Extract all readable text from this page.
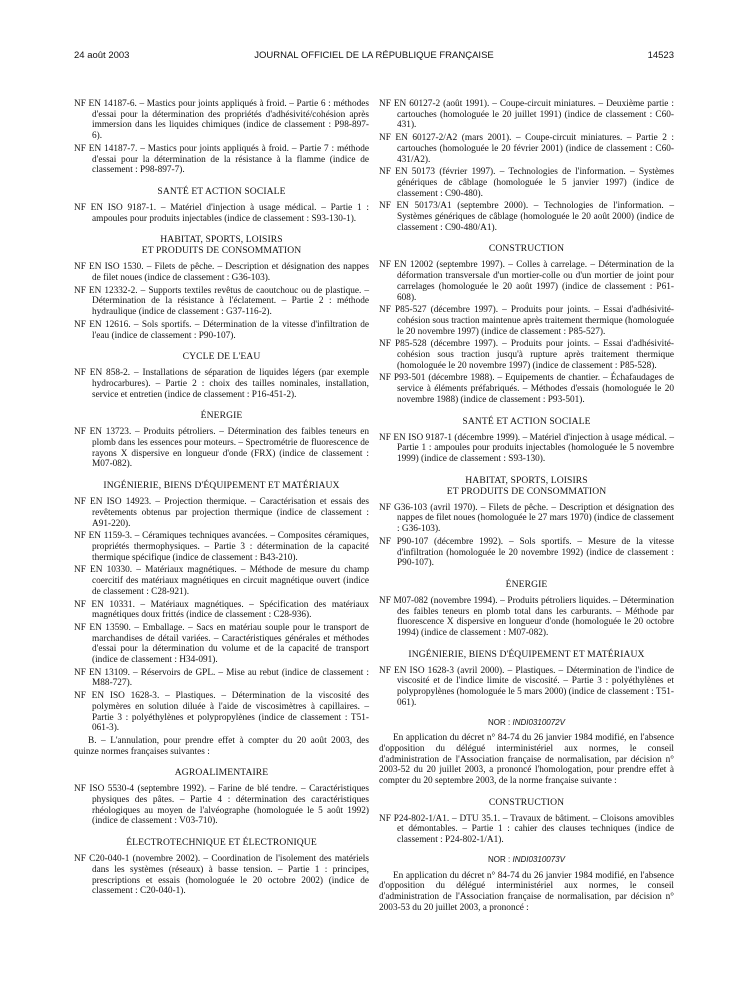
24 août 2003	JOURNAL OFFICIEL DE LA RÉPUBLIQUE FRANÇAISE	14523
NF EN 14187-6. – Mastics pour joints appliqués à froid. – Partie 6 : méthodes d'essai pour la détermination des propriétés d'adhésivité/cohésion après immersion dans les liquides chimiques (indice de classement : P98-897-6).
NF EN 14187-7. – Mastics pour joints appliqués à froid. – Partie 7 : méthode d'essai pour la détermination de la résistance à la flamme (indice de classement : P98-897-7).
SANTÉ ET ACTION SOCIALE
NF EN ISO 9187-1. – Matériel d'injection à usage médical. – Partie 1 : ampoules pour produits injectables (indice de classement : S93-130-1).
HABITAT, SPORTS, LOISIRS
ET PRODUITS DE CONSOMMATION
NF EN ISO 1530. – Filets de pêche. – Description et désignation des nappes de filet noues (indice de classement : G36-103).
NF EN 12332-2. – Supports textiles revêtus de caoutchouc ou de plastique. – Détermination de la résistance à l'éclatement. – Partie 2 : méthode hydraulique (indice de classement : G37-116-2).
NF EN 12616. – Sols sportifs. – Détermination de la vitesse d'infiltration de l'eau (indice de classement : P90-107).
CYCLE DE L'EAU
NF EN 858-2. – Installations de séparation de liquides légers (par exemple hydrocarbures). – Partie 2 : choix des tailles nominales, installation, service et entretien (indice de classement : P16-451-2).
ÉNERGIE
NF EN 13723. – Produits pétroliers. – Détermination des faibles teneurs en plomb dans les essences pour moteurs. – Spectrométrie de fluorescence de rayons X dispersive en longueur d'onde (FRX) (indice de classement : M07-082).
INGÉNIERIE, BIENS D'ÉQUIPEMENT ET MATÉRIAUX
NF EN ISO 14923. – Projection thermique. – Caractérisation et essais des revêtements obtenus par projection thermique (indice de classement : A91-220).
NF EN 1159-3. – Céramiques techniques avancées. – Composites céramiques, propriétés thermophysiques. – Partie 3 : détermination de la capacité thermique spécifique (indice de classement : B43-210).
NF EN 10330. – Matériaux magnétiques. – Méthode de mesure du champ coercitif des matériaux magnétiques en circuit magnétique ouvert (indice de classement : C28-921).
NF EN 10331. – Matériaux magnétiques. – Spécification des matériaux magnétiques doux frittés (indice de classement : C28-936).
NF EN 13590. – Emballage. – Sacs en matériau souple pour le transport de marchandises de détail variées. – Caractéristiques générales et méthodes d'essai pour la détermination du volume et de la capacité de transport (indice de classement : H34-091).
NF EN 13109. – Réservoirs de GPL. – Mise au rebut (indice de classement : M88-727).
NF EN ISO 1628-3. – Plastiques. – Détermination de la viscosité des polymères en solution diluée à l'aide de viscosimètres à capillaires. – Partie 3 : polyéthylènes et polypropylènes (indice de classement : T51-061-3).
B. – L'annulation, pour prendre effet à compter du 20 août 2003, des quinze normes françaises suivantes :
AGROALIMENTAIRE
NF ISO 5530-4 (septembre 1992). – Farine de blé tendre. – Caractéristiques physiques des pâtes. – Partie 4 : détermination des caractéristiques rhéologiques au moyen de l'alvéographe (homologuée le 5 août 1992) (indice de classement : V03-710).
ÉLECTROTECHNIQUE ET ÉLECTRONIQUE
NF C20-040-1 (novembre 2002). – Coordination de l'isolement des matériels dans les systèmes (réseaux) à basse tension. – Partie 1 : principes, prescriptions et essais (homologuée le 20 octobre 2002) (indice de classement : C20-040-1).
NF EN 60127-2 (août 1991). – Coupe-circuit miniatures. – Deuxième partie : cartouches (homologuée le 20 juillet 1991) (indice de classement : C60-431).
NF EN 60127-2/A2 (mars 2001). – Coupe-circuit miniatures. – Partie 2 : cartouches (homologuée le 20 février 2001) (indice de classement : C60-431/A2).
NF EN 50173 (février 1997). – Technologies de l'information. – Systèmes génériques de câblage (homologuée le 5 janvier 1997) (indice de classement : C90-480).
NF EN 50173/A1 (septembre 2000). – Technologies de l'information. – Systèmes génériques de câblage (homologuée le 20 août 2000) (indice de classement : C90-480/A1).
CONSTRUCTION
NF EN 12002 (septembre 1997). – Colles à carrelage. – Détermination de la déformation transversale d'un mortier-colle ou d'un mortier de joint pour carrelages (homologuée le 20 août 1997) (indice de classement : P61-608).
NF P85-527 (décembre 1997). – Produits pour joints. – Essai d'adhésivité-cohésion sous traction maintenue après traitement thermique (homologuée le 20 novembre 1997) (indice de classement : P85-527).
NF P85-528 (décembre 1997). – Produits pour joints. – Essai d'adhésivité-cohésion sous traction jusqu'à rupture après traitement thermique (homologuée le 20 novembre 1997) (indice de classement : P85-528).
NF P93-501 (décembre 1988). – Equipements de chantier. – Échafaudages de service à éléments préfabriqués. – Méthodes d'essais (homologuée le 20 novembre 1988) (indice de classement : P93-501).
SANTÉ ET ACTION SOCIALE
NF EN ISO 9187-1 (décembre 1999). – Matériel d'injection à usage médical. – Partie 1 : ampoules pour produits injectables (homologuée le 5 novembre 1999) (indice de classement : S93-130).
HABITAT, SPORTS, LOISIRS
ET PRODUITS DE CONSOMMATION
NF G36-103 (avril 1970). – Filets de pêche. – Description et désignation des nappes de filet noues (homologuée le 27 mars 1970) (indice de classement : G36-103).
NF P90-107 (décembre 1992). – Sols sportifs. – Mesure de la vitesse d'infiltration (homologuée le 20 novembre 1992) (indice de classement : P90-107).
ÉNERGIE
NF M07-082 (novembre 1994). – Produits pétroliers liquides. – Détermination des faibles teneurs en plomb total dans les carburants. – Méthode par fluorescence X dispersive en longueur d'onde (homologuée le 20 octobre 1994) (indice de classement : M07-082).
INGÉNIERIE, BIENS D'ÉQUIPEMENT ET MATÉRIAUX
NF EN ISO 1628-3 (avril 2000). – Plastiques. – Détermination de l'indice de viscosité et de l'indice limite de viscosité. – Partie 3 : polyéthylènes et polypropylènes (homologuée le 5 mars 2000) (indice de classement : T51-061).
NOR : INDI0310072V
En application du décret n° 84-74 du 26 janvier 1984 modifié, en l'absence d'opposition du délégué interministériel aux normes, le conseil d'administration de l'Association française de normalisation, par décision n° 2003-52 du 20 juillet 2003, a prononcé l'homologation, pour prendre effet à compter du 20 septembre 2003, de la norme française suivante :
CONSTRUCTION
NF P24-802-1/A1. – DTU 35.1. – Travaux de bâtiment. – Cloisons amovibles et démontables. – Partie 1 : cahier des clauses techniques (indice de classement : P24-802-1/A1).
NOR : INDI0310073V
En application du décret n° 84-74 du 26 janvier 1984 modifié, en l'absence d'opposition du délégué interministériel aux normes, le conseil d'administration de l'Association française de normalisation, par décision n° 2003-53 du 20 juillet 2003, a prononcé :
